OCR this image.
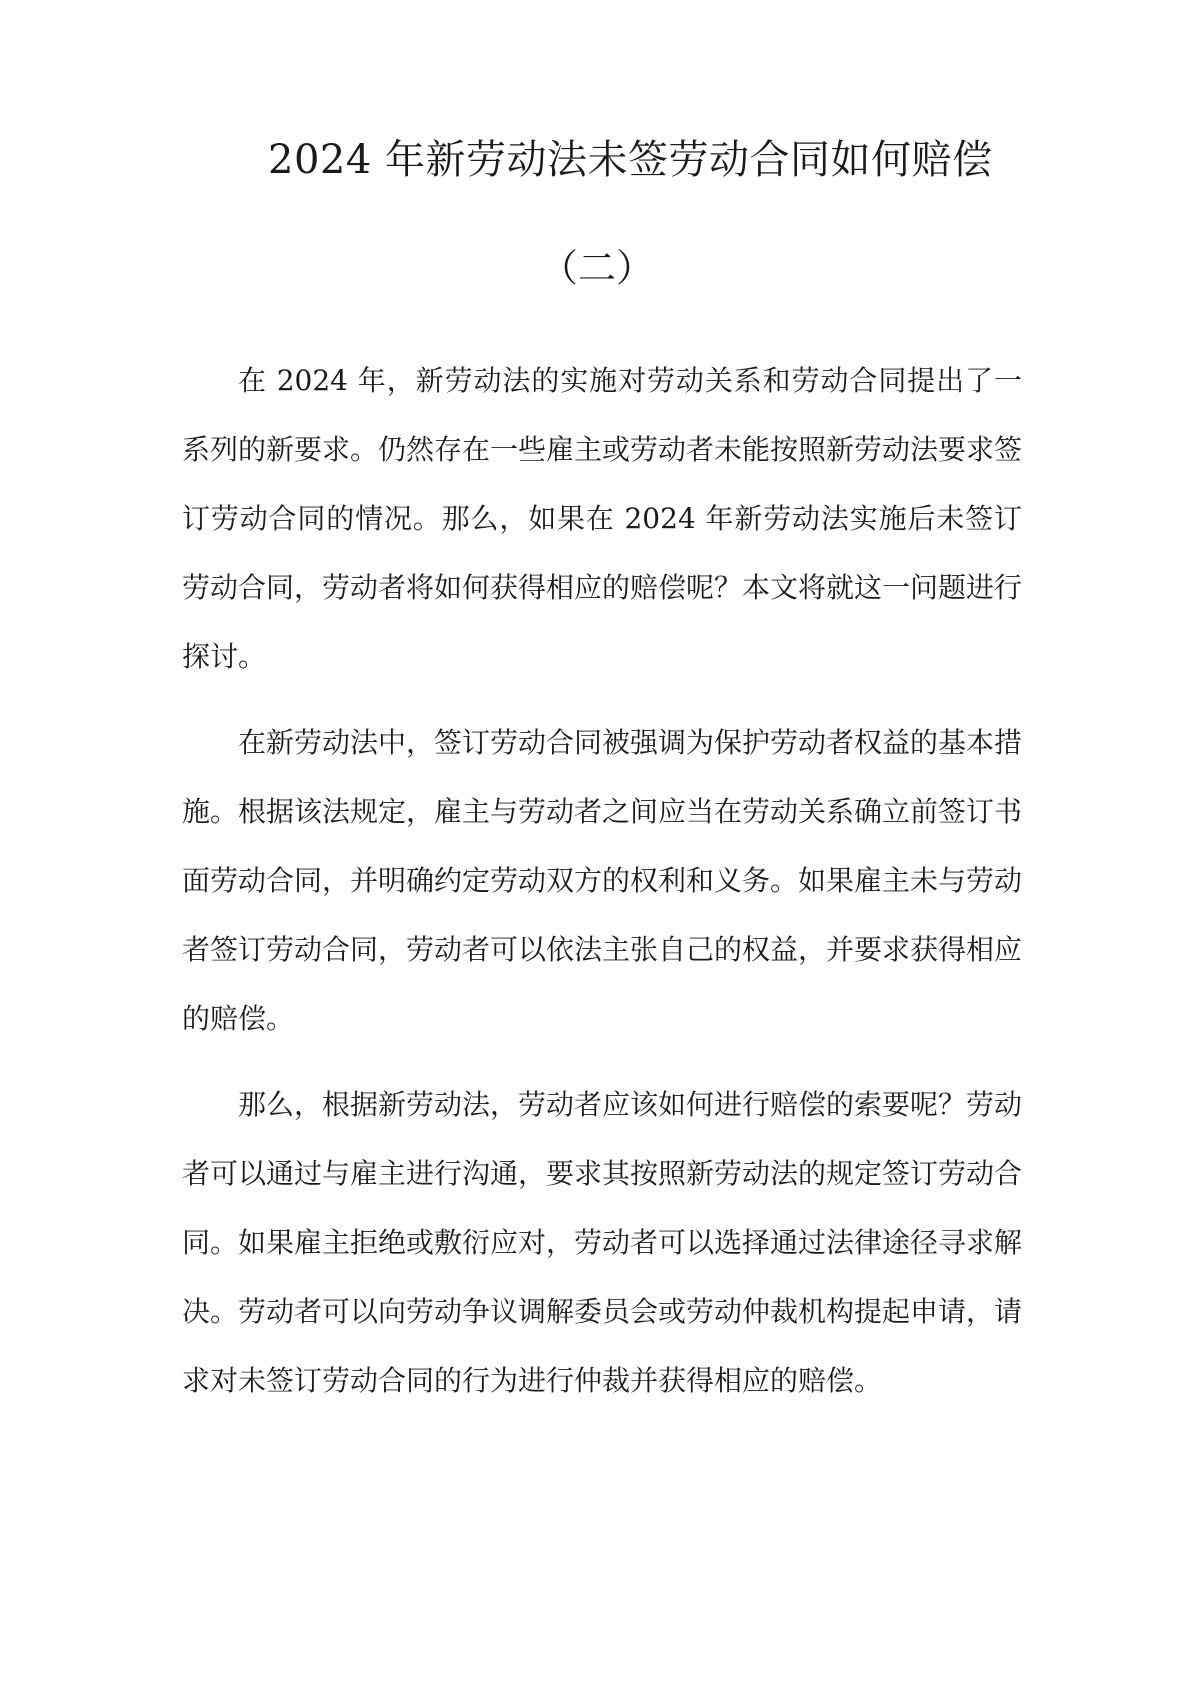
2024 年新劳动法未签劳动合同如何赔偿
（二）

在 2024 年，新劳动法的实施对劳动关系和劳动合同提出了一系列的新要求。仍然存在一些雇主或劳动者未能按照新劳动法要求签订劳动合同的情况。那么，如果在 2024 年新劳动法实施后未签订劳动合同，劳动者将如何获得相应的赔偿呢？本文将就这一问题进行探讨。

在新劳动法中，签订劳动合同被强调为保护劳动者权益的基本措施。根据该法规定，雇主与劳动者之间应当在劳动关系确立前签订书面劳动合同，并明确约定劳动双方的权利和义务。如果雇主未与劳动者签订劳动合同，劳动者可以依法主张自己的权益，并要求获得相应的赔偿。

那么，根据新劳动法，劳动者应该如何进行赔偿的索要呢？劳动者可以通过与雇主进行沟通，要求其按照新劳动法的规定签订劳动合同。如果雇主拒绝或敷衍应对，劳动者可以选择通过法律途径寻求解决。劳动者可以向劳动争议调解委员会或劳动仲裁机构提起申请，请求对未签订劳动合同的行为进行仲裁并获得相应的赔偿。
